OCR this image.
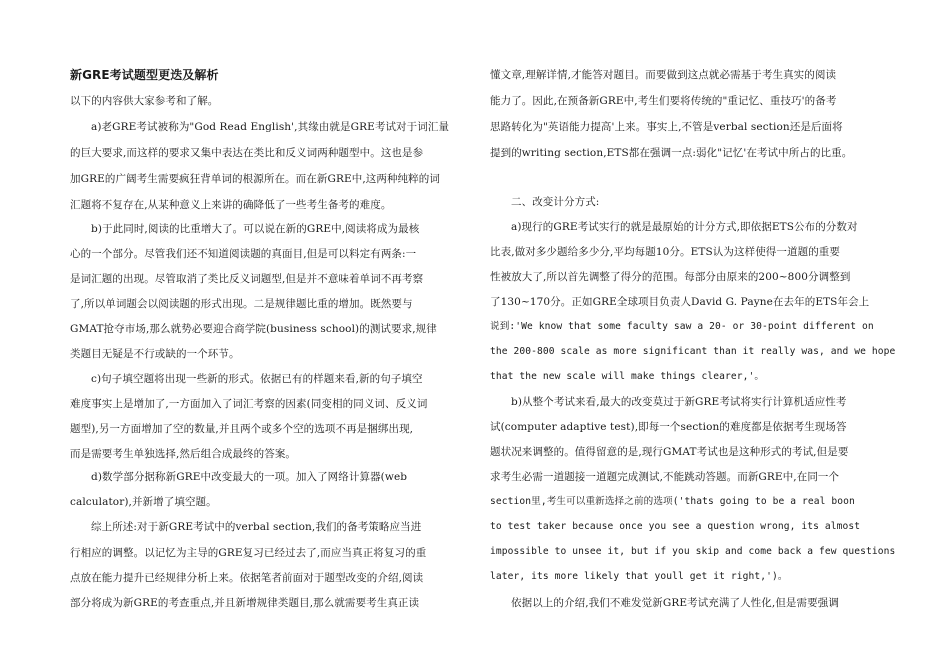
新GRE考试题型更迭及解析
以下的内容供大家参考和了解。
a)老GRE考试被称为"God Read English',其缘由就是GRE考试对于词汇量
的巨大要求,而这样的要求又集中表达在类比和反义词两种题型中。这也是参
加GRE的广阔考生需要疯狂背单词的根源所在。而在新GRE中,这两种纯粹的词
汇题将不复存在,从某种意义上来讲的确降低了一些考生备考的难度。
b)于此同时,阅读的比重增大了。可以说在新的GRE中,阅读将成为最核
心的一个部分。尽管我们还不知道阅读题的真面目,但是可以料定有两条:一
是词汇题的出现。尽管取消了类比反义词题型,但是并不意味着单词不再考察
了,所以单词题会以阅读题的形式出现。二是规律题比重的增加。既然要与
GMAT抢夺市场,那么就势必要迎合商学院(business school)的测试要求,规律
类题目无疑是不行或缺的一个环节。
c)句子填空题将出现一些新的形式。依据已有的样题来看,新的句子填空
难度事实上是增加了,一方面加入了词汇考察的因素(同变相的同义词、反义词
题型),另一方面增加了空的数量,并且两个或多个空的选项不再是捆绑出现,
而是需要考生单独选择,然后组合成最终的答案。
d)数学部分据称新GRE中改变最大的一项。加入了网络计算器(web
calculator),并新增了填空题。
综上所述:对于新GRE考试中的verbal section,我们的备考策略应当进
行相应的调整。以记忆为主导的GRE复习已经过去了,而应当真正将复习的重
点放在能力提升已经规律分析上来。依据笔者前面对于题型改变的介绍,阅读
部分将成为新GRE的考查重点,并且新增规律类题目,那么就需要考生真正读
懂文章,理解详情,才能答对题目。而要做到这点就必需基于考生真实的阅读
能力了。因此,在预备新GRE中,考生们要将传统的"重记忆、重技巧'的备考
思路转化为"英语能力提高'上来。事实上,不管是verbal section还是后面将
提到的writing section,ETS都在强调一点:弱化"记忆'在考试中所占的比重。
二、改变计分方式:
a)现行的GRE考试实行的就是最原始的计分方式,即依据ETS公布的分数对
比表,做对多少题给多少分,平均每题10分。ETS认为这样使得一道题的重要
性被放大了,所以首先调整了得分的范围。每部分由原来的200~800分调整到
了130~170分。正如GRE全球项目负责人David G. Payne在去年的ETS年会上
说到:'We know that some faculty saw a 20- or 30-point different on
the 200-800 scale as more significant than it really was, and we hope
that the new scale will make things clearer,'。
b)从整个考试来看,最大的改变莫过于新GRE考试将实行计算机适应性考
试(computer adaptive test),即每一个section的难度都是依据考生现场答
题状况来调整的。值得留意的是,现行GMAT考试也是这种形式的考试,但是要
求考生必需一道题接一道题完成测试,不能跳动答题。而新GRE中,在同一个
section里,考生可以重新选择之前的选项('thats going to be a real boon
to test taker because once you see a question wrong, its almost
impossible to unsee it, but if you skip and come back a few questions
later, its more likely that youll get it right,')。
依据以上的介绍,我们不难发觉新GRE考试充满了人性化,但是需要强调
